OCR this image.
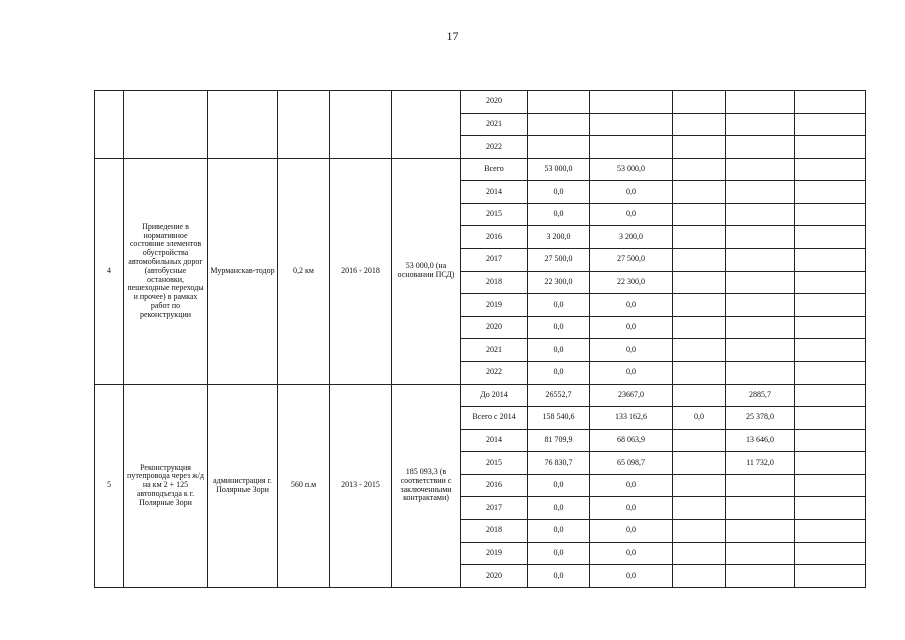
17
						2020					
						2021					
						2022					
4	Приведение в нормативное состояние элементов обустройства автомобильных дорог (автобусные остановки, пешеходные переходы и прочее) в рамках работ по реконструкции	Мурманскав-тодор	0,2 км	2016 - 2018	53 000,0 (на основании ПСД)	Всего	53 000,0	53 000,0			
						2014	0,0	0,0			
						2015	0,0	0,0			
						2016	3 200,0	3 200,0			
						2017	27 500,0	27 500,0			
						2018	22 300,0	22 300,0			
						2019	0,0	0,0			
						2020	0,0	0,0			
						2021	0,0	0,0			
						2022	0,0	0,0			
5	Реконструкция путепровода через ж/д на км 2 + 125 автоподъезда к г. Полярные Зори	администрация г. Полярные Зори	560 п.м	2013 - 2015	185 093,3 (в соответствии с заключенными контрактами)	До 2014	26552,7	23667,0		2885,7	
						Всего с 2014	158 540,6	133 162,6	0,0	25 378,0	
						2014	81 709,9	68 063,9		13 646,0	
						2015	76 830,7	65 098,7		11 732,0	
						2016	0,0	0,0			
						2017	0,0	0,0			
						2018	0,0	0,0			
						2019	0,0	0,0			
						2020	0,0	0,0			
